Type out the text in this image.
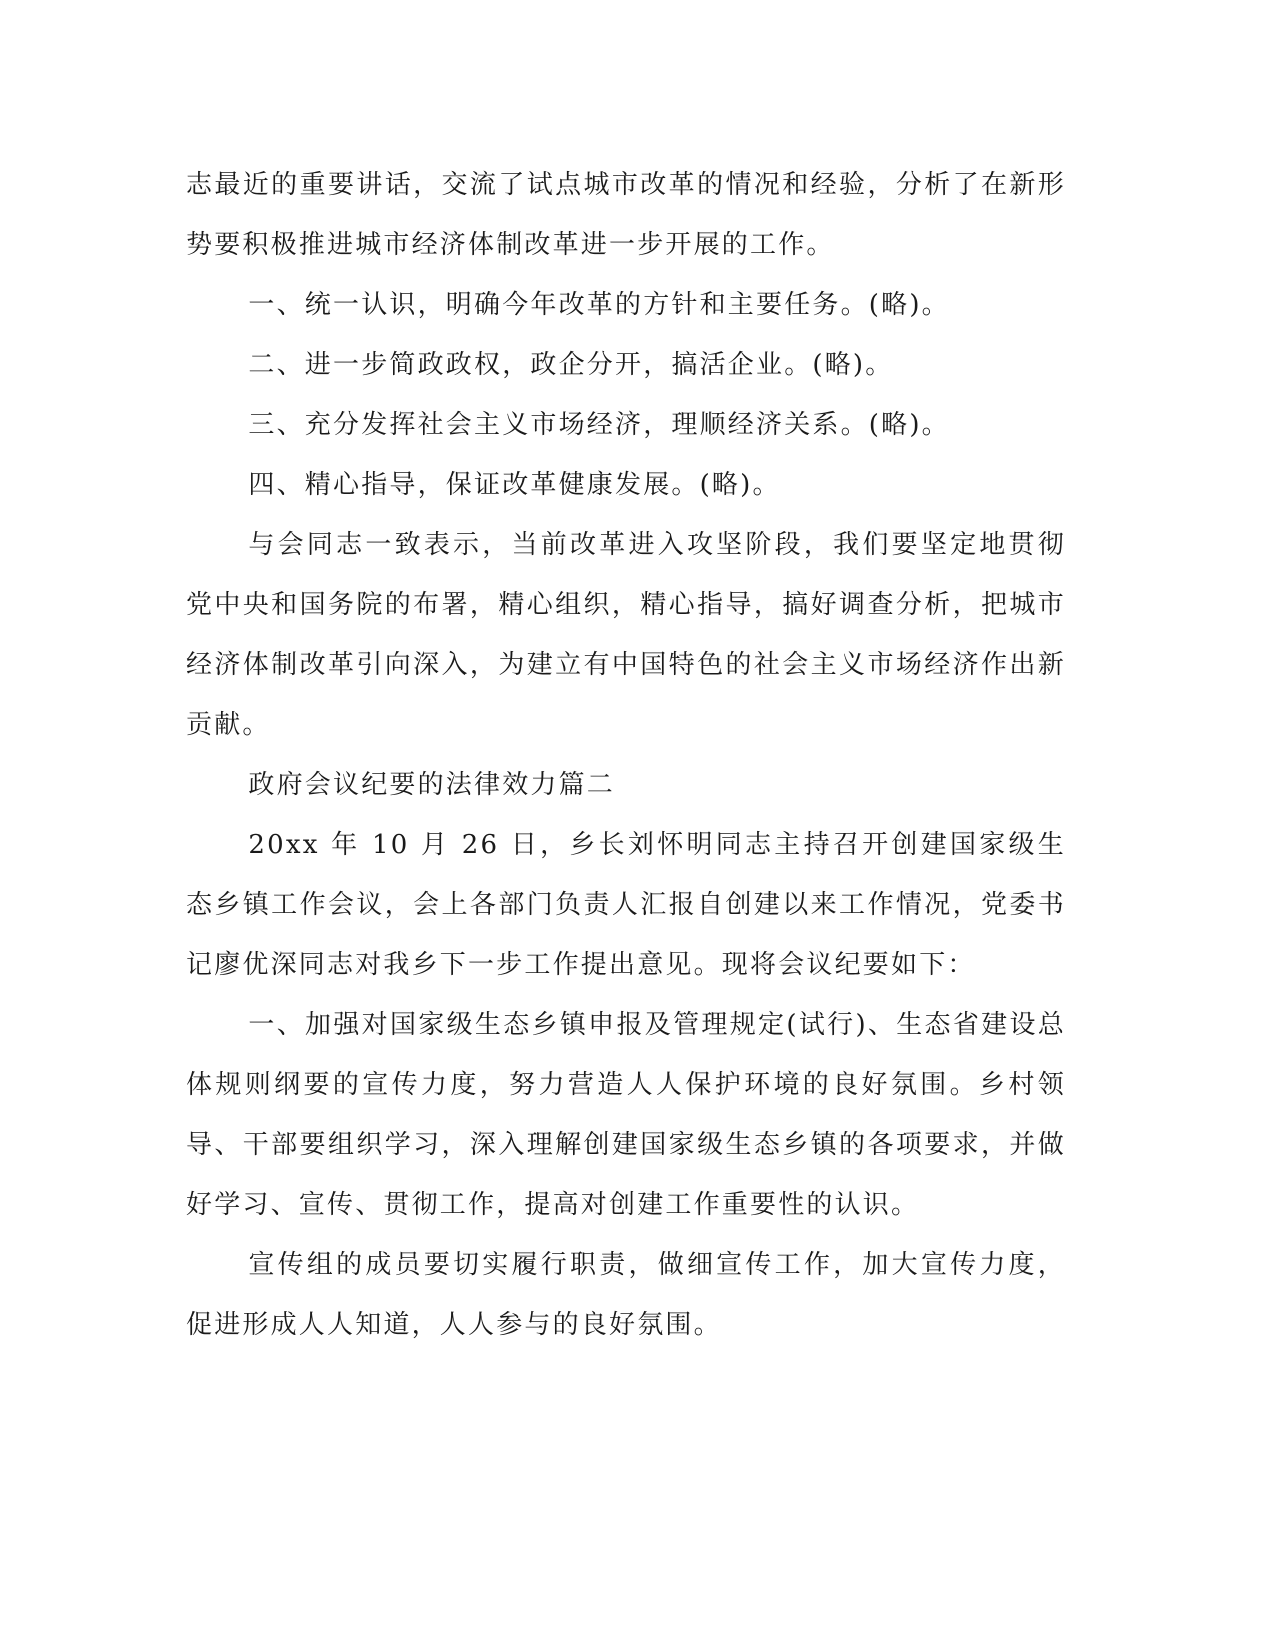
志最近的重要讲话，交流了试点城市改革的情况和经验，分析了在新形势要积极推进城市经济体制改革进一步开展的工作。

一、统一认识，明确今年改革的方针和主要任务。(略)。

二、进一步简政政权，政企分开，搞活企业。(略)。

三、充分发挥社会主义市场经济，理顺经济关系。(略)。

四、精心指导，保证改革健康发展。(略)。

与会同志一致表示，当前改革进入攻坚阶段，我们要坚定地贯彻党中央和国务院的布署，精心组织，精心指导，搞好调查分析，把城市经济体制改革引向深入，为建立有中国特色的社会主义市场经济作出新贡献。

政府会议纪要的法律效力篇二

20xx 年 10 月 26 日，乡长刘怀明同志主持召开创建国家级生态乡镇工作会议，会上各部门负责人汇报自创建以来工作情况，党委书记廖优深同志对我乡下一步工作提出意见。现将会议纪要如下：

一、加强对国家级生态乡镇申报及管理规定(试行)、生态省建设总体规则纲要的宣传力度，努力营造人人保护环境的良好氛围。乡村领导、干部要组织学习，深入理解创建国家级生态乡镇的各项要求，并做好学习、宣传、贯彻工作，提高对创建工作重要性的认识。

宣传组的成员要切实履行职责，做细宣传工作，加大宣传力度，促进形成人人知道，人人参与的良好氛围。
